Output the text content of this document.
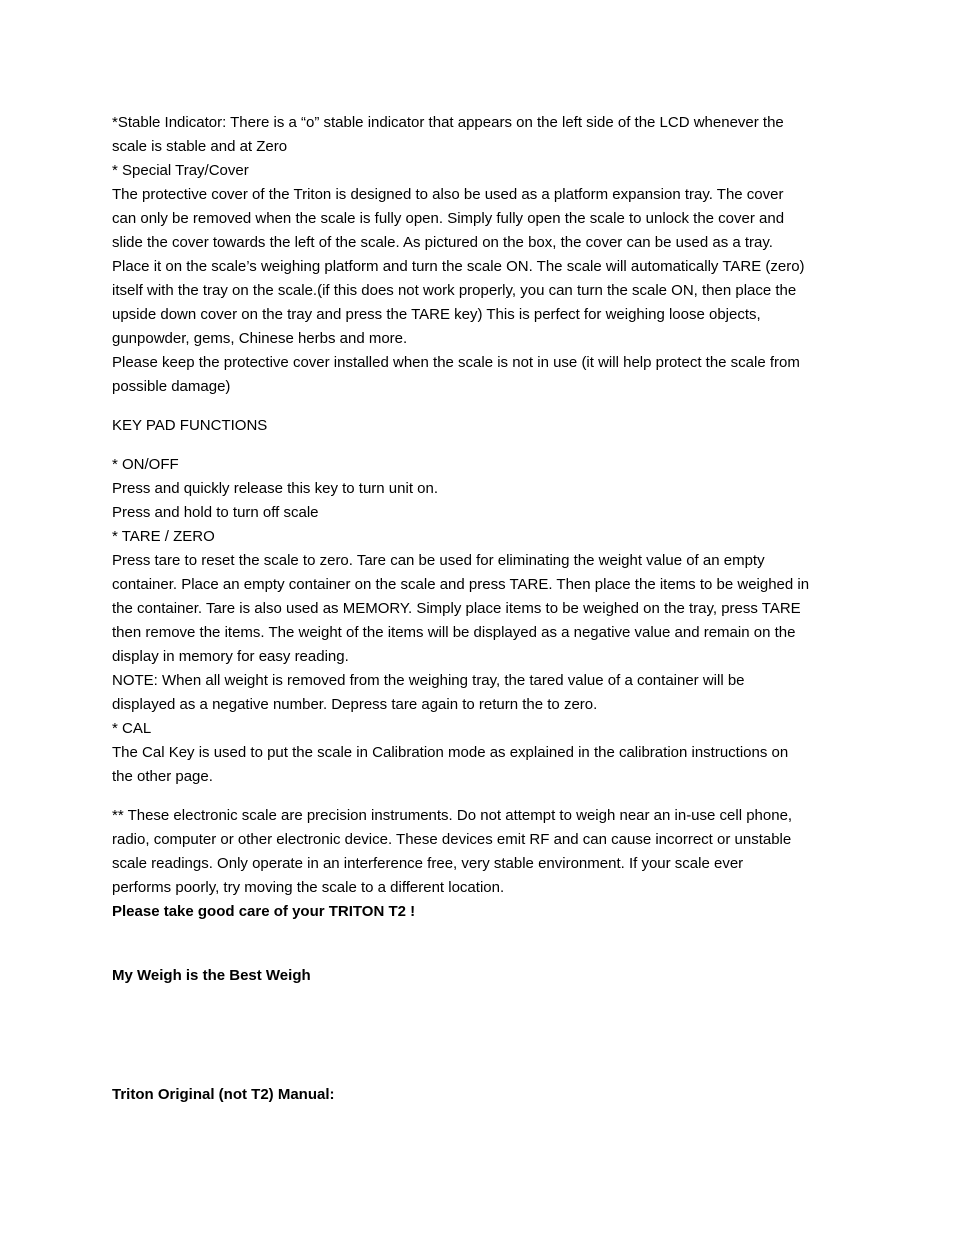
*Stable Indicator: There is a “o” stable indicator that appears on the left side of the LCD whenever the
scale is stable and at Zero
* Special Tray/Cover
The protective cover of the Triton is designed to also be used as a platform expansion tray. The cover
can only be removed when the scale is fully open. Simply fully open the scale to unlock the cover and
slide the cover towards the left of the scale. As pictured on the box, the cover can be used as a tray.
Place it on the scale’s weighing platform and turn the scale ON. The scale will automatically TARE (zero)
itself with the tray on the scale.(if this does not work properly, you can turn the scale ON, then place the
upside down cover on the tray and press the TARE key) This is perfect for weighing loose objects,
gunpowder, gems, Chinese herbs and more.
Please keep the protective cover installed when the scale is not in use (it will help protect the scale from
possible damage)
KEY PAD FUNCTIONS
* ON/OFF
Press and quickly release this key to turn unit on.
Press and hold to turn off scale
* TARE / ZERO
Press tare to reset the scale to zero. Tare can be used for eliminating the weight value of an empty
container. Place an empty container on the scale and press TARE. Then place the items to be weighed in
the container. Tare is also used as MEMORY. Simply place items to be weighed on the tray, press TARE
then remove the items. The weight of the items will be displayed as a negative value and remain on the
display in memory for easy reading.
NOTE: When all weight is removed from the weighing tray, the tared value of a container will be
displayed as a negative number. Depress tare again to return the to zero.
* CAL
The Cal Key is used to put the scale in Calibration mode as explained in the calibration instructions on
the other page.
** These electronic scale are precision instruments. Do not attempt to weigh near an in-use cell phone,
radio, computer or other electronic device. These devices emit RF and can cause incorrect or unstable
scale readings. Only operate in an interference free, very stable environment. If your scale ever
performs poorly, try moving the scale to a different location.
Please take good care of your TRITON T2 !
My Weigh is the Best Weigh
Triton Original (not T2) Manual:
